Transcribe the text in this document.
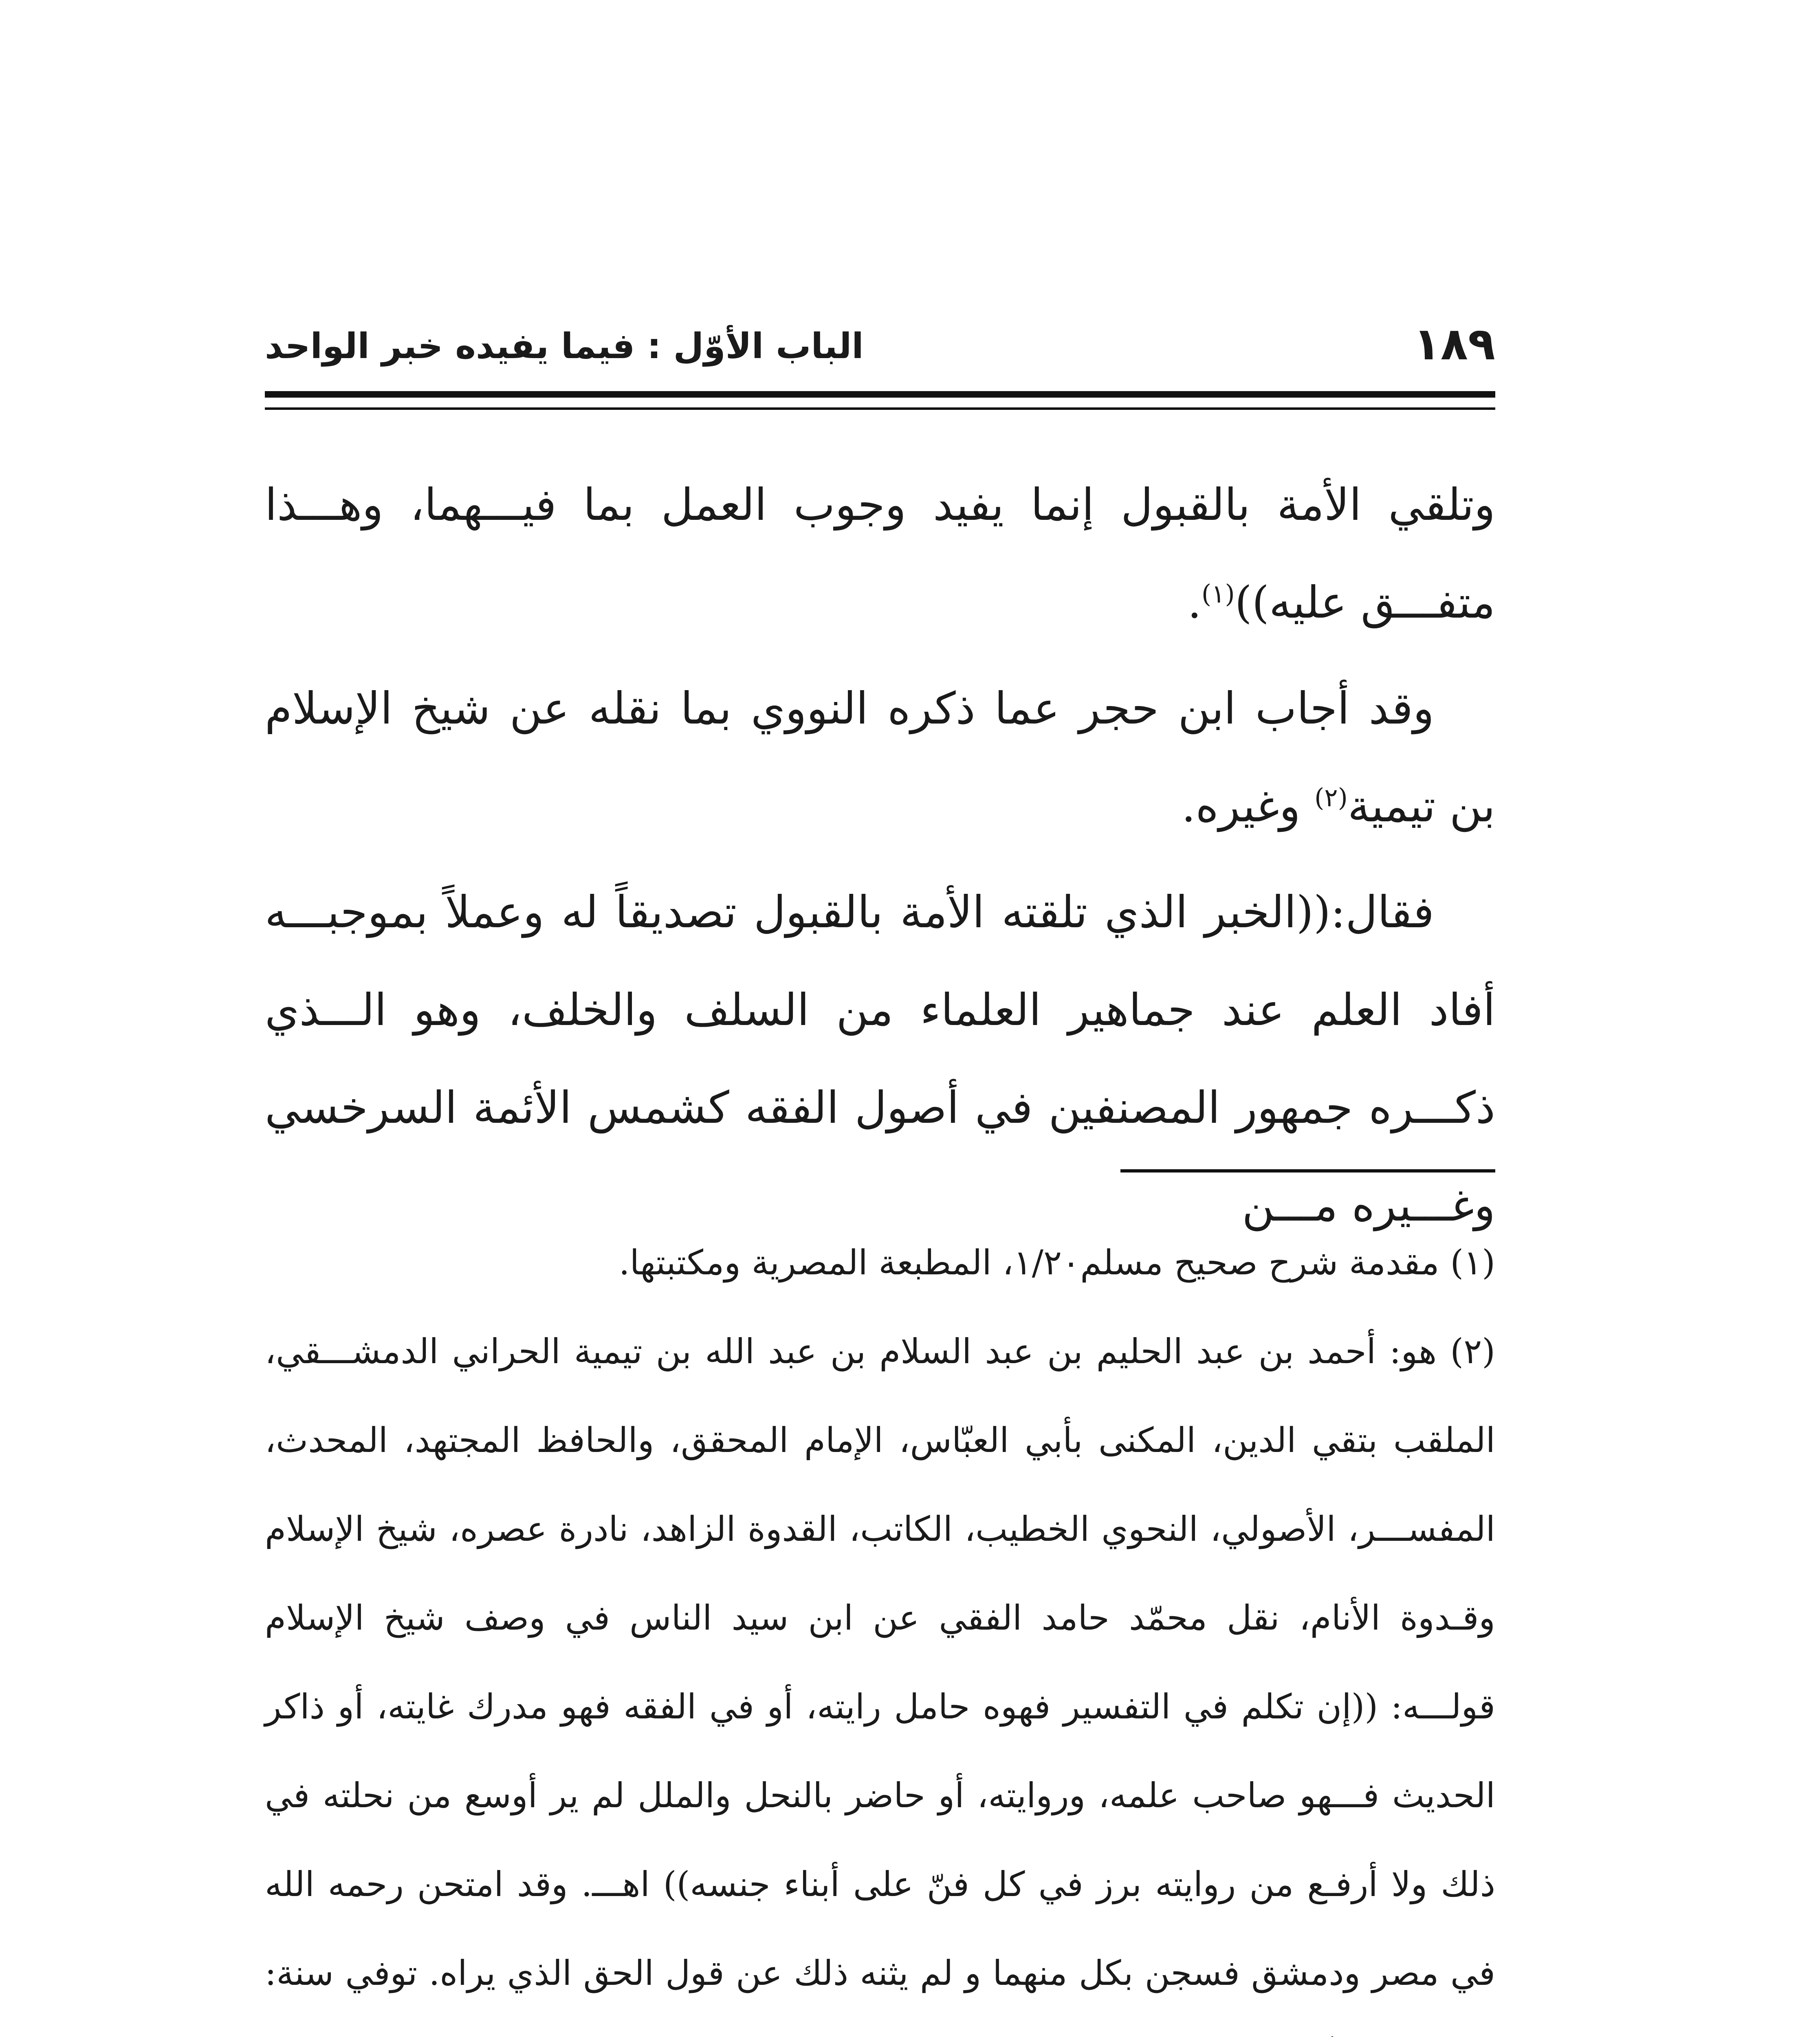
الباب الأوّل : فيما يفيده خبر الواحد	١٨٩

وتلقي الأمة بالقبول إنما يفيد وجوب العمل بما فيـــهما، وهـــذا متفـــق عليه))$^{(١)}$.

وقد أجاب ابن حجر عما ذكره النووي بما نقله عن شيخ الإسلام بن تيمية$^{(٢)}$ وغيره.

فقال:((الخبر الذي تلقته الأمة بالقبول تصديقاً له وعملاً بموجبـــه أفاد العلم عند جماهير العلماء من السلف والخلف، وهو الـــذي ذكـــره جمهور المصنفين في أصول الفقه كشمس الأئمة السرخسي وغـــيره مـــن

(١) مقدمة شرح صحيح مسلم١/٢٠، المطبعة المصرية ومكتبتها.

(٢) هو: أحمد بن عبد الحليم بن عبد السلام بن عبد الله بن تيمية الحراني الدمشـــقي، الملقب بتقي الدين، المكنى بأبي العبّاس، الإمام المحقق، والحافظ المجتهد، المحدث، المفســـر، الأصولي، النحوي الخطيب، الكاتب، القدوة الزاهد، نادرة عصره، شيخ الإسلام وقـدوة الأنام، نقل محمّد حامد الفقي عن ابن سيد الناس في وصف شيخ الإسلام قولـــه: ((إن تكلم في التفسير فهوه حامل رايته، أو في الفقه فهو مدرك غايته، أو ذاكر الحديث فـــهو صاحب علمه، وروايته، أو حاضر بالنحل والملل لم ير أوسع من نحلته في ذلك ولا أرفـع من روايته برز في كل فنّ على أبناء جنسه)) اهـــ. وقد امتحن رحمه الله في مصر ودمشق فسجن بكل منهما و لم يثنه ذلك عن قول الحق الذي يراه. توفي سنة:
